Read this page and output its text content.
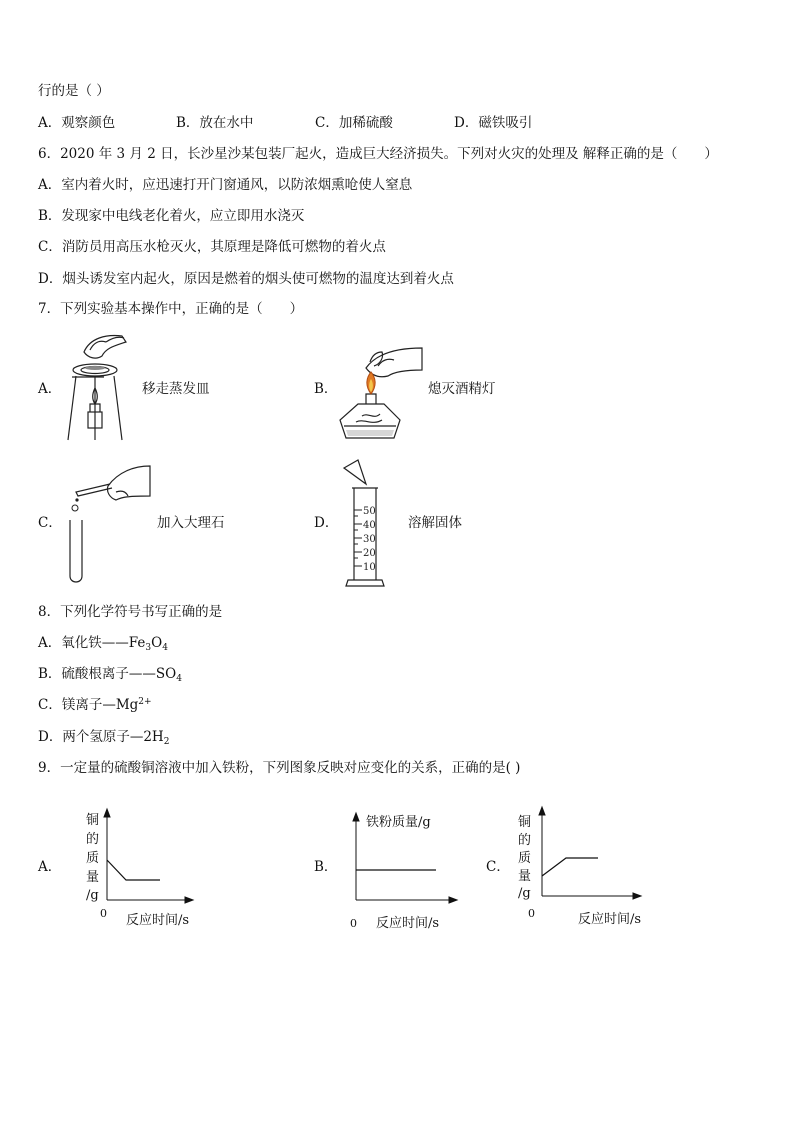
行的是（ ）
A．观察颜色	B．放在水中	C．加稀硫酸	D．磁铁吸引
6．2020 年 3 月 2 日，长沙星沙某包装厂起火，造成巨大经济损失。下列对火灾的处理及 解释正确的是（　　）
A．室内着火时，应迅速打开门窗通风，以防浓烟熏呛使人窒息
B．发现家中电线老化着火，应立即用水浇灭
C．消防员用高压水枪灭火，其原理是降低可燃物的着火点
D．烟头诱发室内起火，原因是燃着的烟头使可燃物的温度达到着火点
7．下列实验基本操作中，正确的是（　　）
A．	移走蒸发皿	B．	熄灭酒精灯
C．	加入大理石	D．
50
40
30
20
10
溶解固体
8．下列化学符号书写正确的是
A．氧化铁$——Fe_3O_4$
B．硫酸根离子$——SO_4$
C．镁离子$—Mg^{2+}$
D．两个氢原子$—2H_2$
9．一定量的硫酸铜溶液中加入铁粉，下列图象反映对应变化的关系，正确的是( )
A．
铜
的
质
量
/g
0 反应时间/s
B．
铁粉质量/g
0 反应时间/s
C．
铜
的
质
量
/g
0	反应时间/s
